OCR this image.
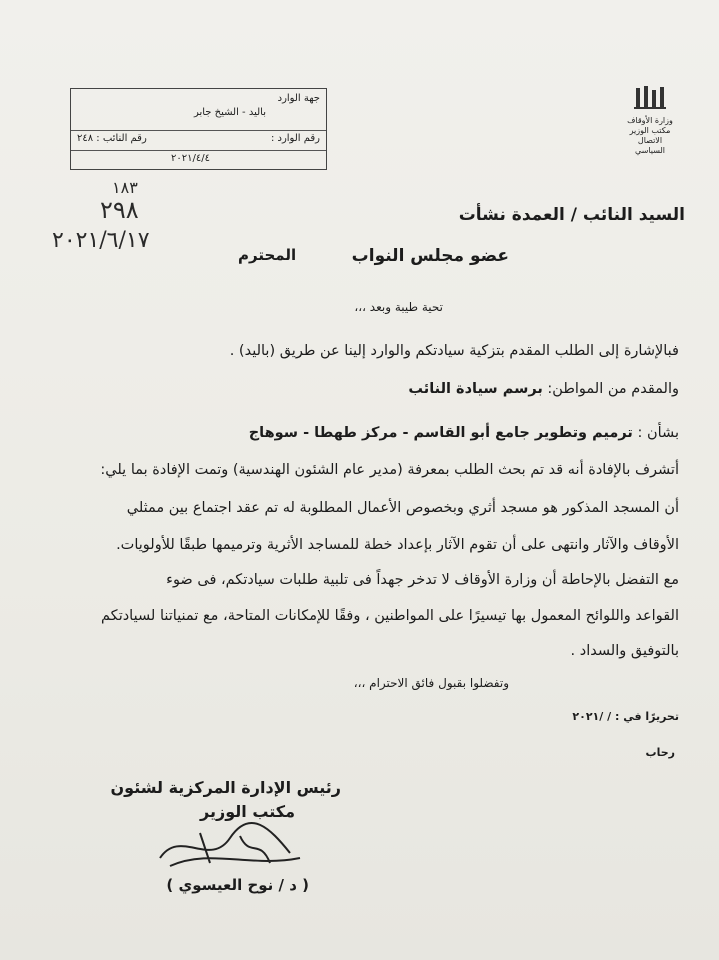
وزارة الأوقاف
مكتب الوزير
الاتصال السياسي
جهة الوارد
باليد - الشيخ جابر
رقم الوارد :
رقم النائب : ٢٤٨
٢٠٢١/٤/٤
١٨٣
٢٩٨
٢٠٢١/٦/١٧
السيد النائب / العمدة نشأت
عضو مجلس النواب
المحترم
تحية طيبة وبعد ،،،
فبالإشارة إلى الطلب المقدم بتزكية سيادتكم والوارد إلينا عن طريق (باليد) .
والمقدم من المواطن: برسم سيادة النائب
بشأن : ترميم وتطوير جامع أبو القاسم - مركز طهطا - سوهاج
أتشرف بالإفادة أنه قد تم بحث الطلب بمعرفة (مدير عام الشئون الهندسية) وتمت الإفادة بما يلي:
أن المسجد المذكور هو مسجد أثري وبخصوص الأعمال المطلوبة له تم عقد اجتماع بين ممثلي
الأوقاف والآثار وانتهى على أن تقوم الآثار بإعداد خطة للمساجد الأثرية وترميمها طبقًا للأولويات.
مع التفضل بالإحاطة أن وزارة الأوقاف لا تدخر جهداً فى تلبية طلبات سيادتكم، فى ضوء
القواعد واللوائح المعمول بها تيسيرًا على المواطنين ، وفقًا للإمكانات المتاحة، مع تمنياتنا لسيادتكم
بالتوفيق والسداد .
وتفضلوا بقبول فائق الاحترام ،،،
تحريرًا في : / /٢٠٢١
رحاب
رئيس الإدارة المركزية لشئون
مكتب الوزير
( د / نوح العيسوي )
